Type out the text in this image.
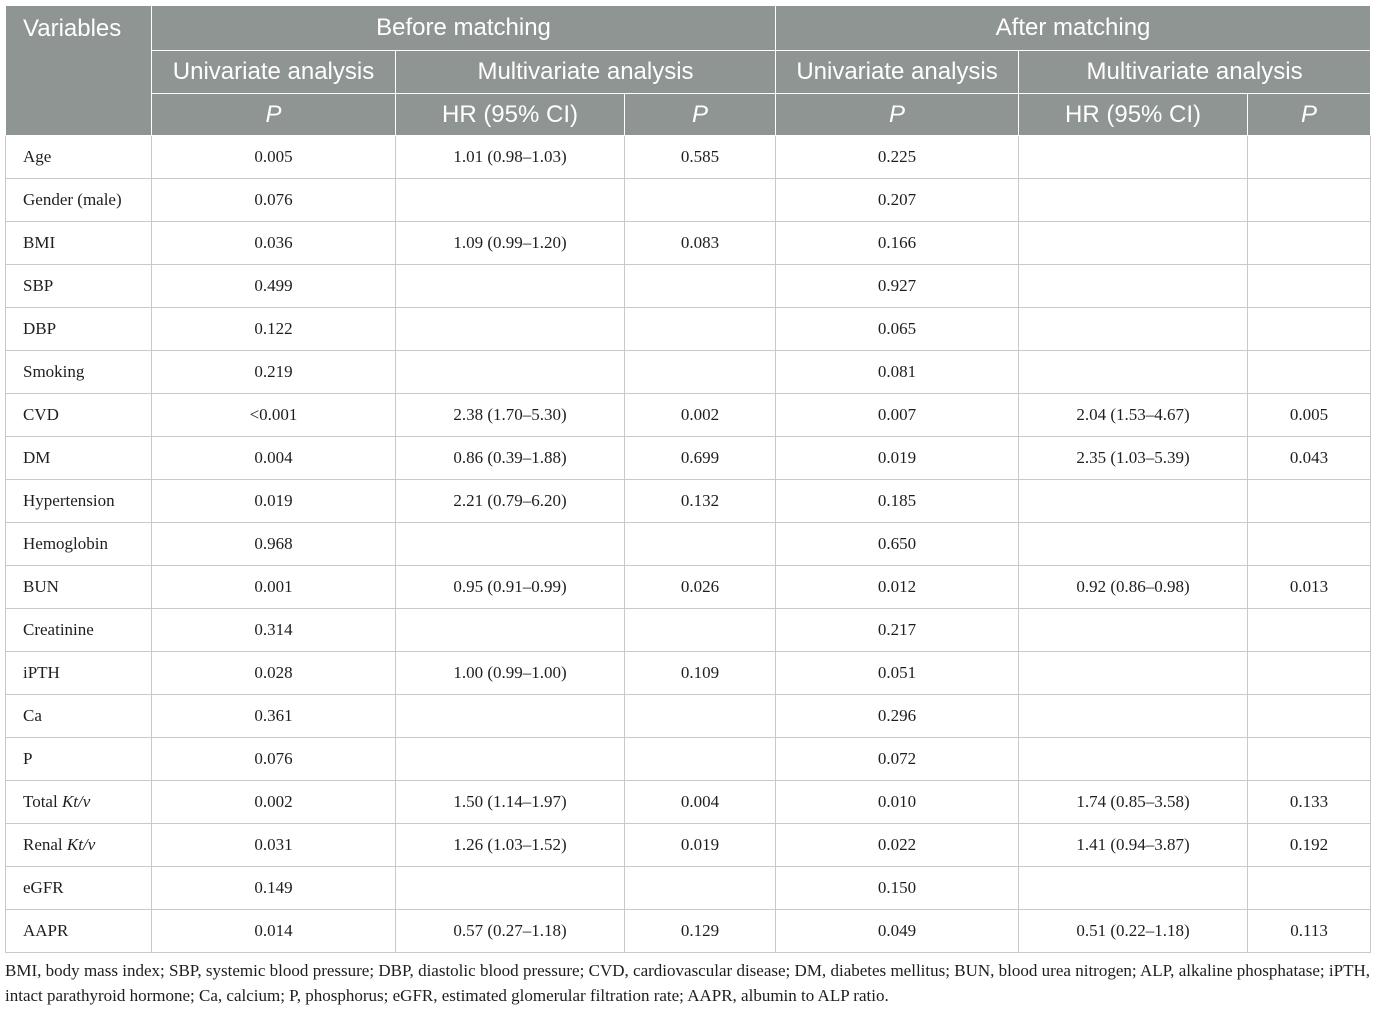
Variables	Before matching			After matching		
	Univariate analysis	Multivariate analysis		Univariate analysis	Multivariate analysis	
	P	HR (95% CI)	P	P	HR (95% CI)	P
Age	0.005	1.01 (0.98–1.03)	0.585	0.225		
Gender (male)	0.076			0.207		
BMI	0.036	1.09 (0.99–1.20)	0.083	0.166		
SBP	0.499			0.927		
DBP	0.122			0.065		
Smoking	0.219			0.081		
CVD	<0.001	2.38 (1.70–5.30)	0.002	0.007	2.04 (1.53–4.67)	0.005
DM	0.004	0.86 (0.39–1.88)	0.699	0.019	2.35 (1.03–5.39)	0.043
Hypertension	0.019	2.21 (0.79–6.20)	0.132	0.185		
Hemoglobin	0.968			0.650		
BUN	0.001	0.95 (0.91–0.99)	0.026	0.012	0.92 (0.86–0.98)	0.013
Creatinine	0.314			0.217		
iPTH	0.028	1.00 (0.99–1.00)	0.109	0.051		
Ca	0.361			0.296		
P	0.076			0.072		
Total Kt/v	0.002	1.50 (1.14–1.97)	0.004	0.010	1.74 (0.85–3.58)	0.133
Renal Kt/v	0.031	1.26 (1.03–1.52)	0.019	0.022	1.41 (0.94–3.87)	0.192
eGFR	0.149			0.150		
AAPR	0.014	0.57 (0.27–1.18)	0.129	0.049	0.51 (0.22–1.18)	0.113

BMI, body mass index; SBP, systemic blood pressure; DBP, diastolic blood pressure; CVD, cardiovascular disease; DM, diabetes mellitus; BUN, blood urea nitrogen; ALP, alkaline phosphatase; iPTH, intact parathyroid hormone; Ca, calcium; P, phosphorus; eGFR, estimated glomerular filtration rate; AAPR, albumin to ALP ratio.
